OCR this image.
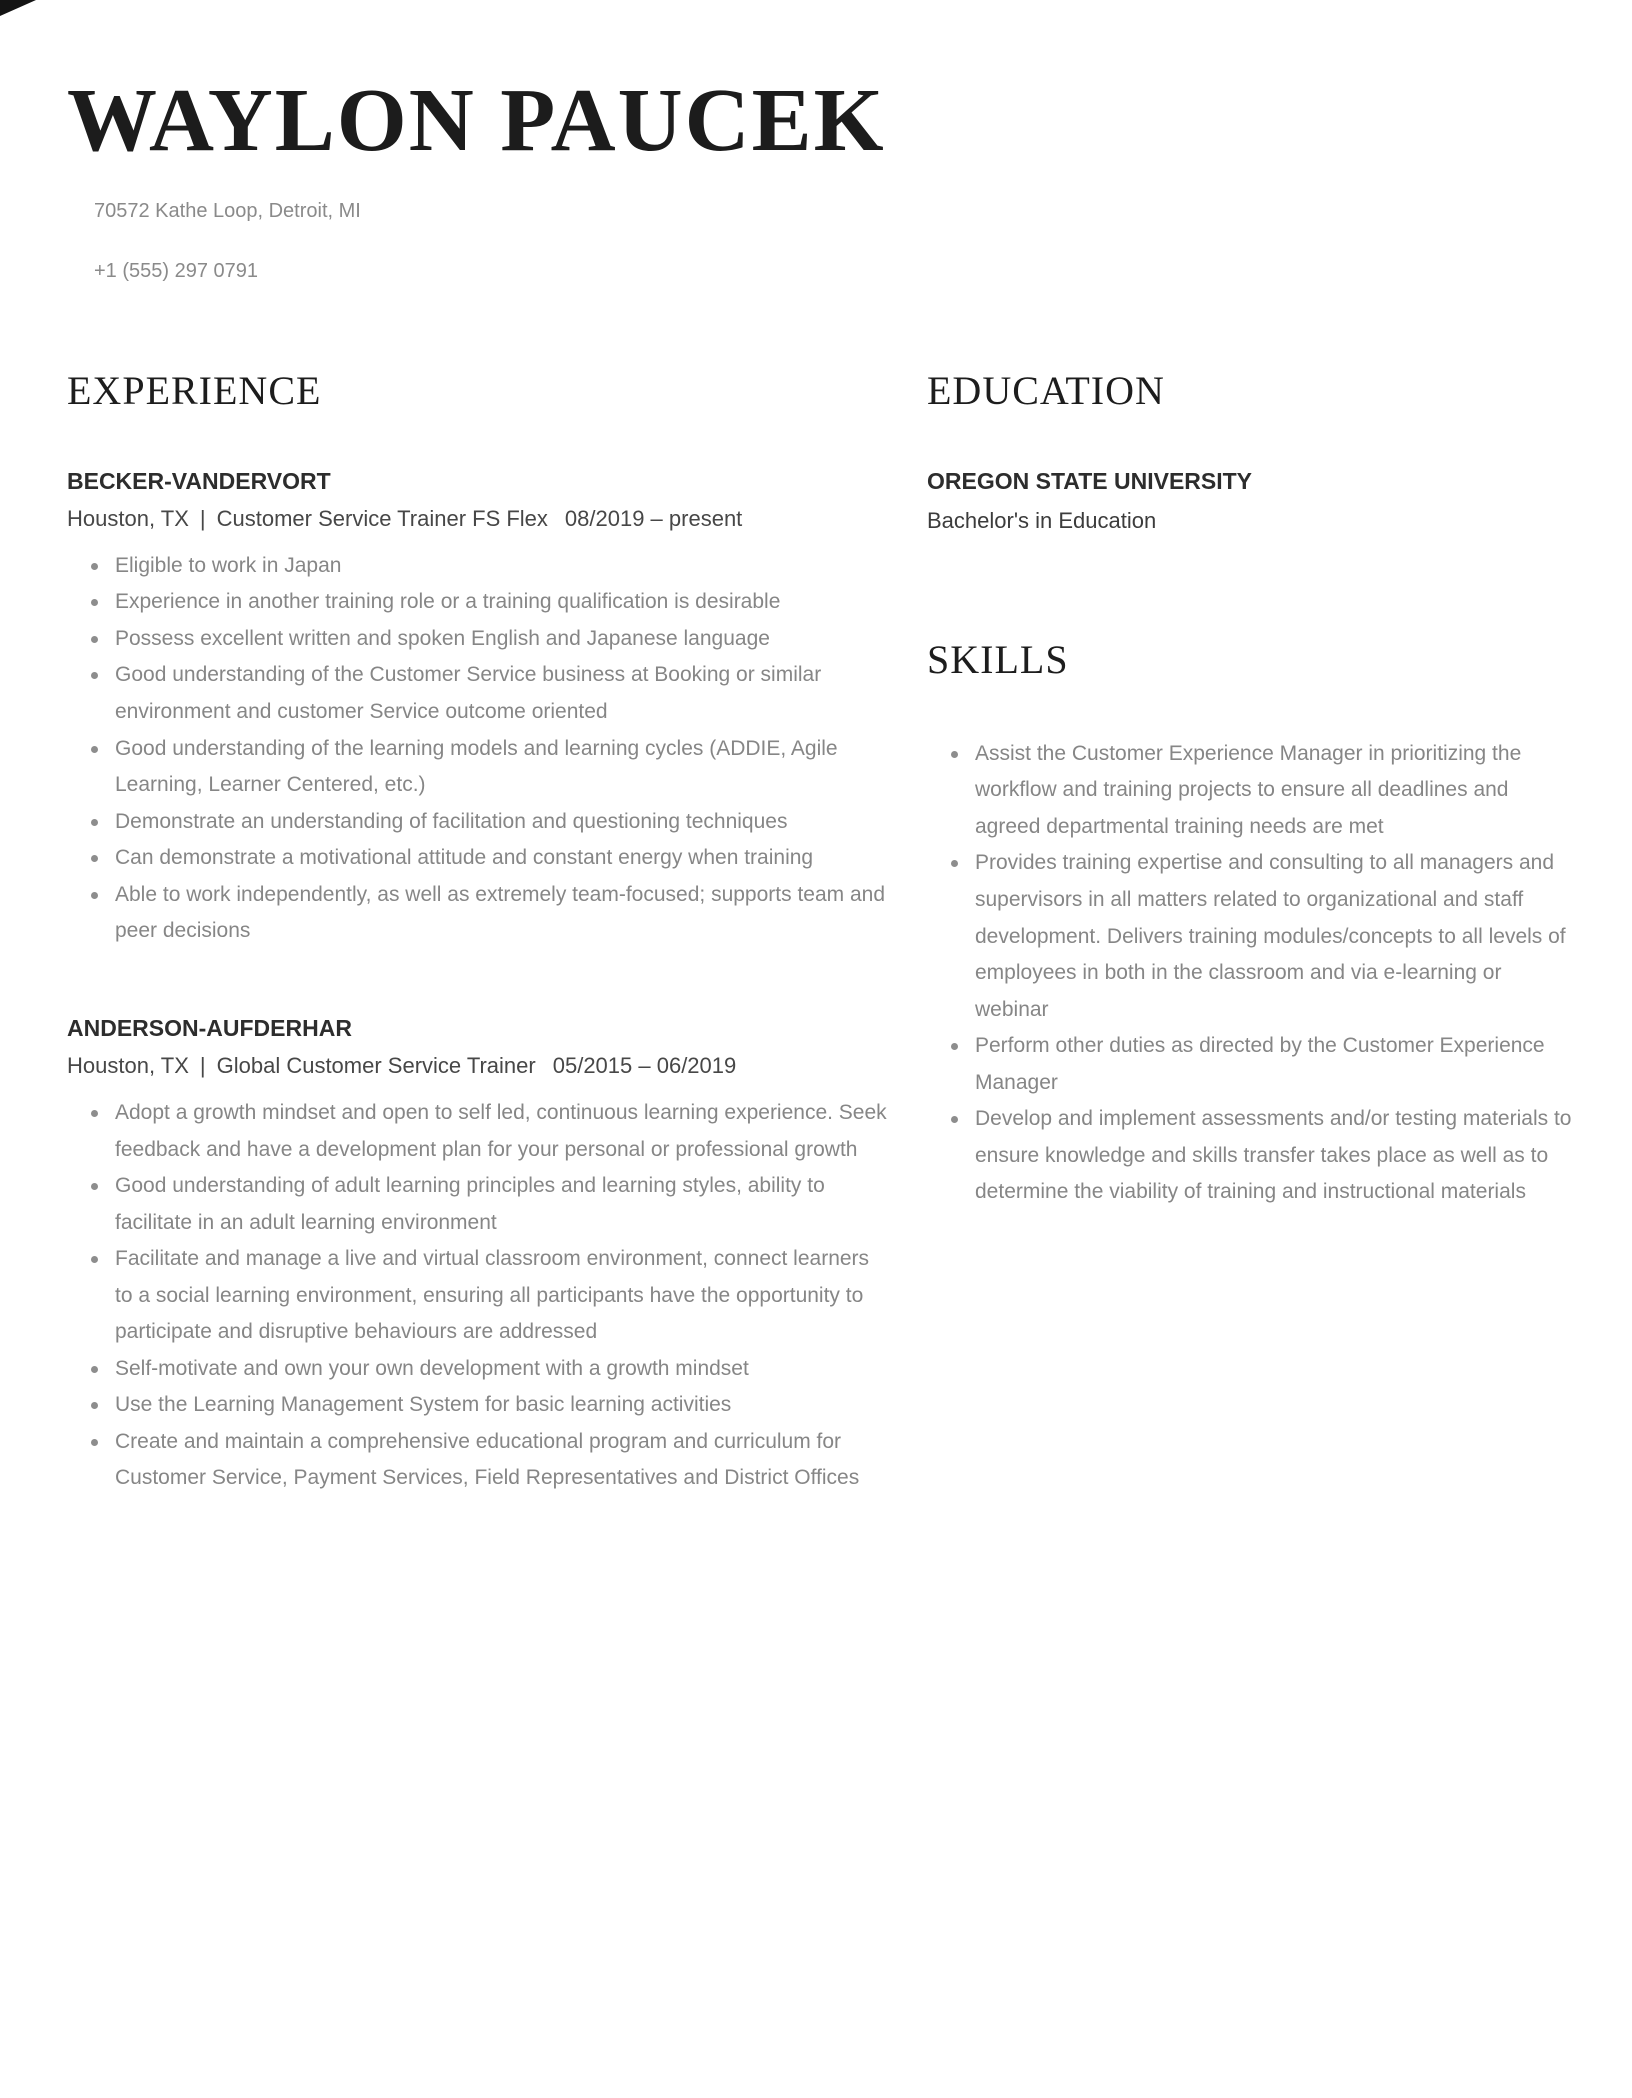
WAYLON PAUCEK
70572 Kathe Loop, Detroit, MI
+1 (555) 297 0791
EXPERIENCE
BECKER-VANDERVORT
Houston, TX | Customer Service Trainer FS Flex 08/2019 – present
Eligible to work in Japan
Experience in another training role or a training qualification is desirable
Possess excellent written and spoken English and Japanese language
Good understanding of the Customer Service business at Booking or similar environment and customer Service outcome oriented
Good understanding of the learning models and learning cycles (ADDIE, Agile Learning, Learner Centered, etc.)
Demonstrate an understanding of facilitation and questioning techniques
Can demonstrate a motivational attitude and constant energy when training
Able to work independently, as well as extremely team-focused; supports team and peer decisions
ANDERSON-AUFDERHAR
Houston, TX | Global Customer Service Trainer 05/2015 – 06/2019
Adopt a growth mindset and open to self led, continuous learning experience. Seek feedback and have a development plan for your personal or professional growth
Good understanding of adult learning principles and learning styles, ability to facilitate in an adult learning environment
Facilitate and manage a live and virtual classroom environment, connect learners to a social learning environment, ensuring all participants have the opportunity to participate and disruptive behaviours are addressed
Self-motivate and own your own development with a growth mindset
Use the Learning Management System for basic learning activities
Create and maintain a comprehensive educational program and curriculum for Customer Service, Payment Services, Field Representatives and District Offices
EDUCATION
OREGON STATE UNIVERSITY
Bachelor's in Education
SKILLS
Assist the Customer Experience Manager in prioritizing the workflow and training projects to ensure all deadlines and agreed departmental training needs are met
Provides training expertise and consulting to all managers and supervisors in all matters related to organizational and staff development. Delivers training modules/concepts to all levels of employees in both in the classroom and via e-learning or webinar
Perform other duties as directed by the Customer Experience Manager
Develop and implement assessments and/or testing materials to ensure knowledge and skills transfer takes place as well as to determine the viability of training and instructional materials
